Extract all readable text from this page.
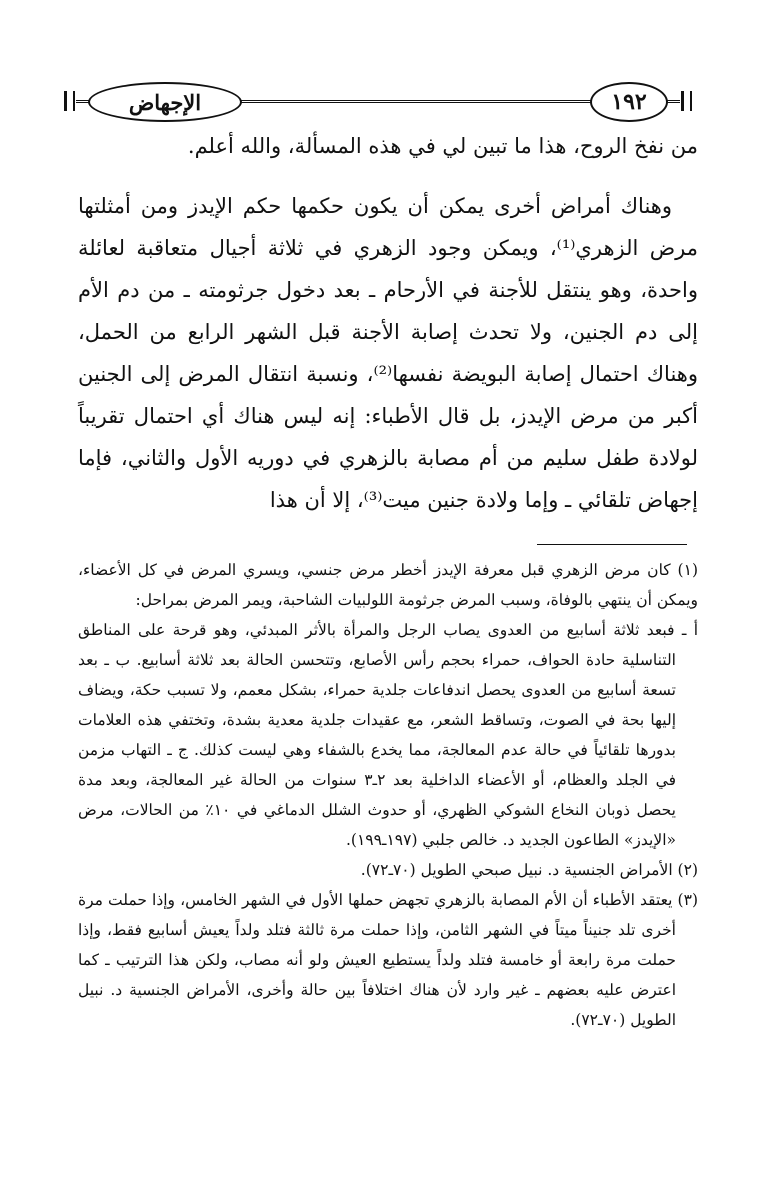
الإجهاض	١٩٢

من نفخ الروح، هذا ما تبين لي في هذه المسألة، والله أعلم.

وهناك أمراض أخرى يمكن أن يكون حكمها حكم الإيدز ومن أمثلتها مرض الزهري⁽¹⁾، ويمكن وجود الزهري في ثلاثة أجيال متعاقبة لعائلة واحدة، وهو ينتقل للأجنة في الأرحام ـ بعد دخول جرثومته ـ من دم الأم إلى دم الجنين، ولا تحدث إصابة الأجنة قبل الشهر الرابع من الحمل، وهناك احتمال إصابة البويضة نفسها⁽²⁾، ونسبة انتقال المرض إلى الجنين أكبر من مرض الإيدز، بل قال الأطباء: إنه ليس هناك أي احتمال تقريباً لولادة طفل سليم من أم مصابة بالزهري في دوريه الأول والثاني، فإما إجهاض تلقائي ـ وإما ولادة جنين ميت⁽³⁾، إلا أن هذا

(١) كان مرض الزهري قبل معرفة الإيدز أخطر مرض جنسي، ويسري المرض في كل الأعضاء، ويمكن أن ينتهي بالوفاة، وسبب المرض جرثومة اللولبيات الشاحبة، ويمر المرض بمراحل:

أ ـ فبعد ثلاثة أسابيع من العدوى يصاب الرجل والمرأة بالأثر المبدئي، وهو قرحة على المناطق التناسلية حادة الحواف، حمراء بحجم رأس الأصابع، وتتحسن الحالة بعد ثلاثة أسابيع. ب ـ بعد تسعة أسابيع من العدوى يحصل اندفاعات جلدية حمراء، بشكل معمم، ولا تسبب حكة، ويضاف إليها بحة في الصوت، وتساقط الشعر، مع عقيدات جلدية معدية بشدة، وتختفي هذه العلامات بدورها تلقائياً في حالة عدم المعالجة، مما يخدع بالشفاء وهي ليست كذلك. ج ـ التهاب مزمن في الجلد والعظام، أو الأعضاء الداخلية بعد ٢ـ٣ سنوات من الحالة غير المعالجة، وبعد مدة يحصل ذوبان النخاع الشوكي الظهري، أو حدوث الشلل الدماغي في ١٠٪ من الحالات، مرض «الإيدز» الطاعون الجديد د. خالص جلبي (١٩٧ـ١٩٩).

(٢) الأمراض الجنسية د. نبيل صبحي الطويل (٧٠ـ٧٢).

(٣) يعتقد الأطباء أن الأم المصابة بالزهري تجهض حملها الأول في الشهر الخامس، وإذا حملت مرة أخرى تلد جنيناً ميتاً في الشهر الثامن، وإذا حملت مرة ثالثة فتلد ولداً يعيش أسابيع فقط، وإذا حملت مرة رابعة أو خامسة فتلد ولداً يستطيع العيش ولو أنه مصاب، ولكن هذا الترتيب ـ كما اعترض عليه بعضهم ـ غير وارد لأن هناك اختلافاً بين حالة وأخرى، الأمراض الجنسية د. نبيل الطويل (٧٠ـ٧٢).
